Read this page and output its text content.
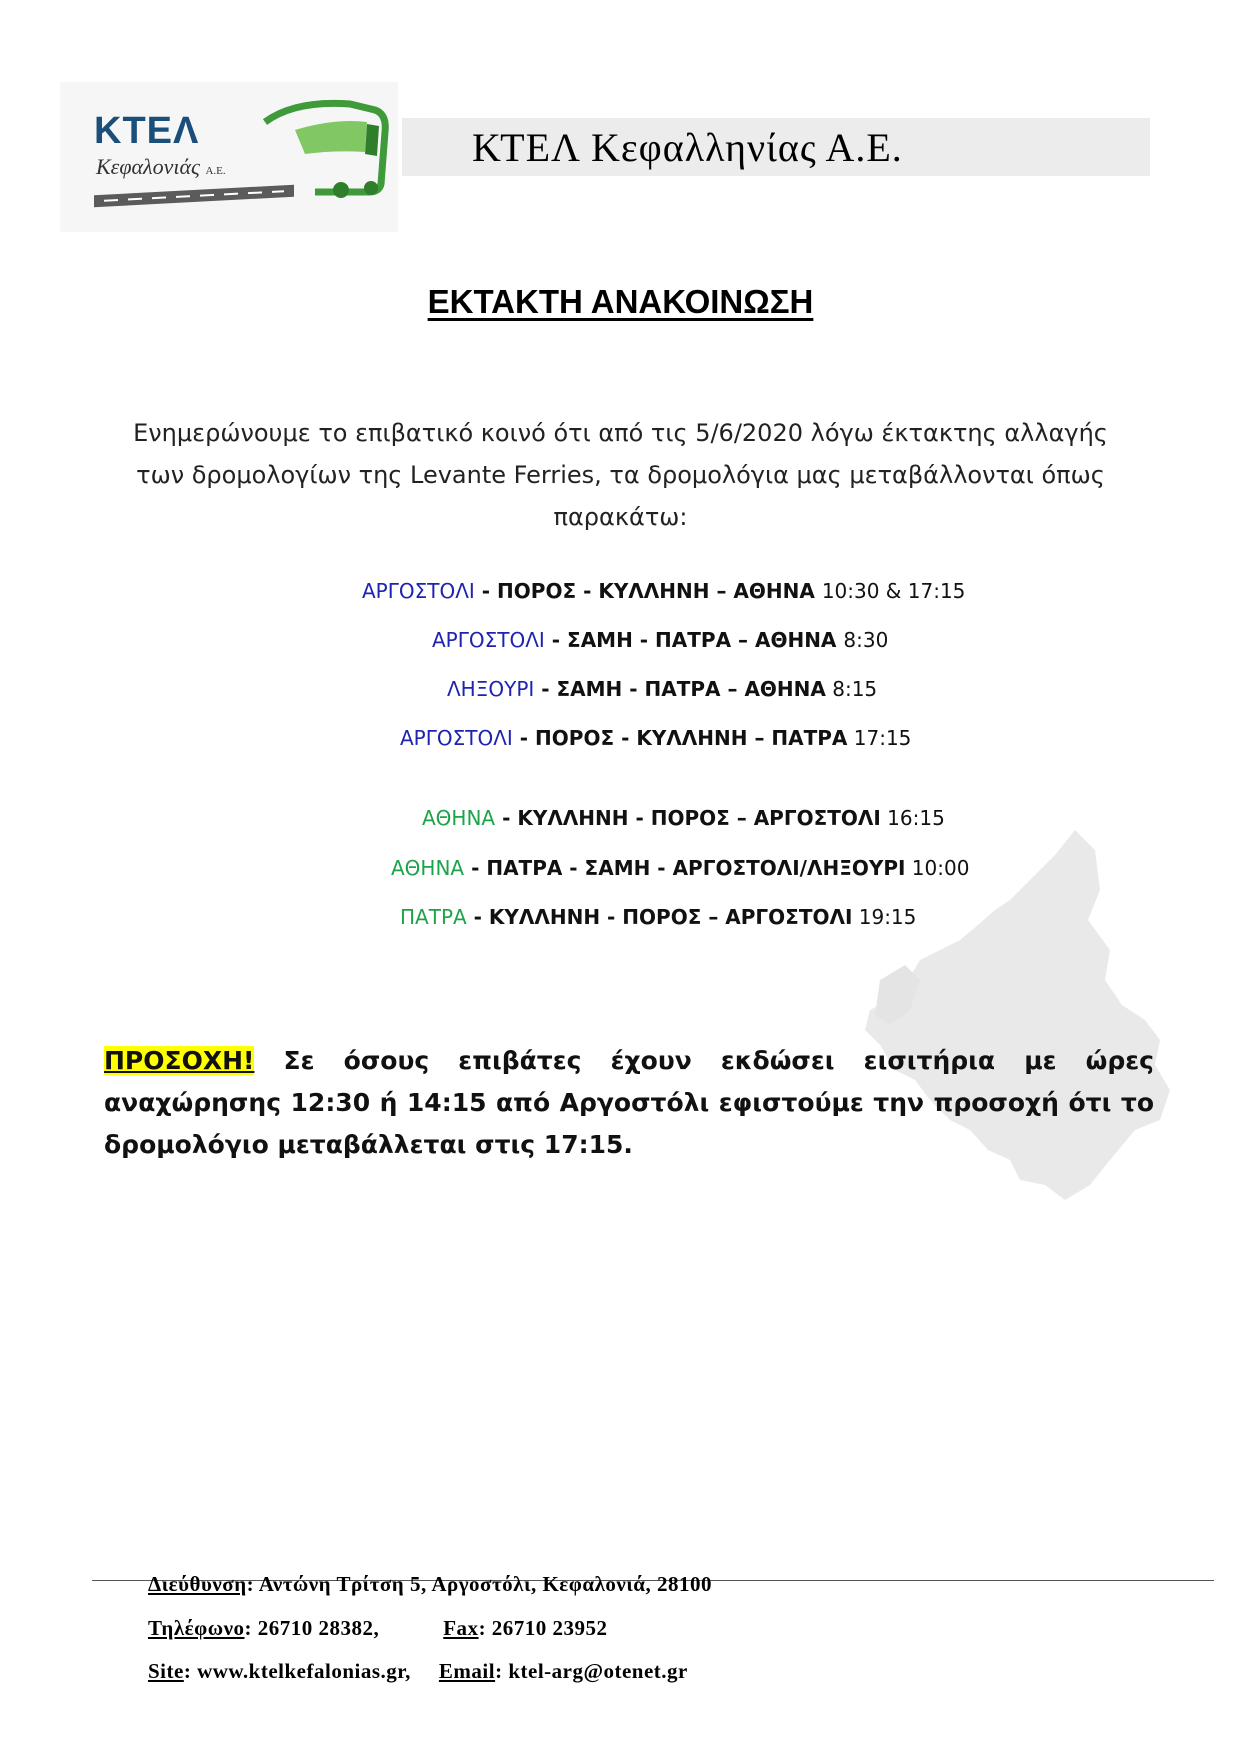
ΚΤΕΛ
Κεφαλονιάς Α.Ε.
ΚΤΕΛ Κεφαλληνίας Α.Ε.
ΕΚΤΑΚΤΗ ΑΝΑΚΟΙΝΩΣΗ
Ενημερώνουμε το επιβατικό κοινό ότι από τις 5/6/2020 λόγω έκτακτης αλλαγής
των δρομολογίων της Levante Ferries, τα δρομολόγια μας μεταβάλλονται όπως
παρακάτω:
ΑΡΓΟΣΤΟΛΙ - ΠΟΡΟΣ - ΚΥΛΛΗΝΗ – ΑΘΗΝΑ 10:30 & 17:15
ΑΡΓΟΣΤΟΛΙ - ΣΑΜΗ - ΠΑΤΡΑ – ΑΘΗΝΑ 8:30
ΛΗΞΟΥΡΙ - ΣΑΜΗ - ΠΑΤΡΑ – ΑΘΗΝΑ 8:15
ΑΡΓΟΣΤΟΛΙ - ΠΟΡΟΣ - ΚΥΛΛΗΝΗ – ΠΑΤΡΑ 17:15
ΑΘΗΝΑ - ΚΥΛΛΗΝΗ - ΠΟΡΟΣ – ΑΡΓΟΣΤΟΛΙ 16:15
ΑΘΗΝΑ - ΠΑΤΡΑ - ΣΑΜΗ - ΑΡΓΟΣΤΟΛΙ/ΛΗΞΟΥΡΙ 10:00
ΠΑΤΡΑ - ΚΥΛΛΗΝΗ - ΠΟΡΟΣ – ΑΡΓΟΣΤΟΛΙ 19:15
ΠΡΟΣΟΧΗ! Σε όσους επιβάτες έχουν εκδώσει εισιτήρια με ώρες αναχώρησης 12:30 ή 14:15 από Αργοστόλι εφιστούμε την προσοχή ότι το δρομολόγιο μεταβάλλεται στις 17:15.
Διεύθυνση: Αντώνη Τρίτση 5, Αργοστόλι, Κεφαλονιά, 28100
Τηλέφωνο: 26710 28382,	Fax: 26710 23952
Site: www.ktelkefalonias.gr, Email: ktel-arg@otenet.gr
